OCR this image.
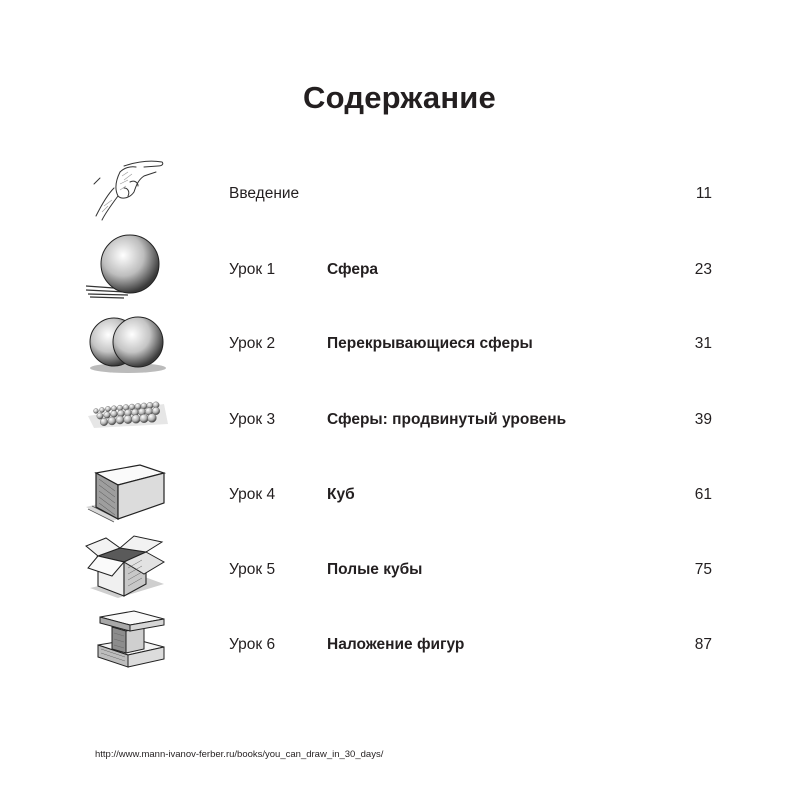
Содержание
Введение	11
Урок 1	Сфера	23
Урок 2	Перекрывающиеся сферы	31
Урок 3	Сферы: продвинутый уровень	39
Урок 4	Куб	61
Урок 5	Полые кубы	75
Урок 6	Наложение фигур	87
http://www.mann-ivanov-ferber.ru/books/you_can_draw_in_30_days/
